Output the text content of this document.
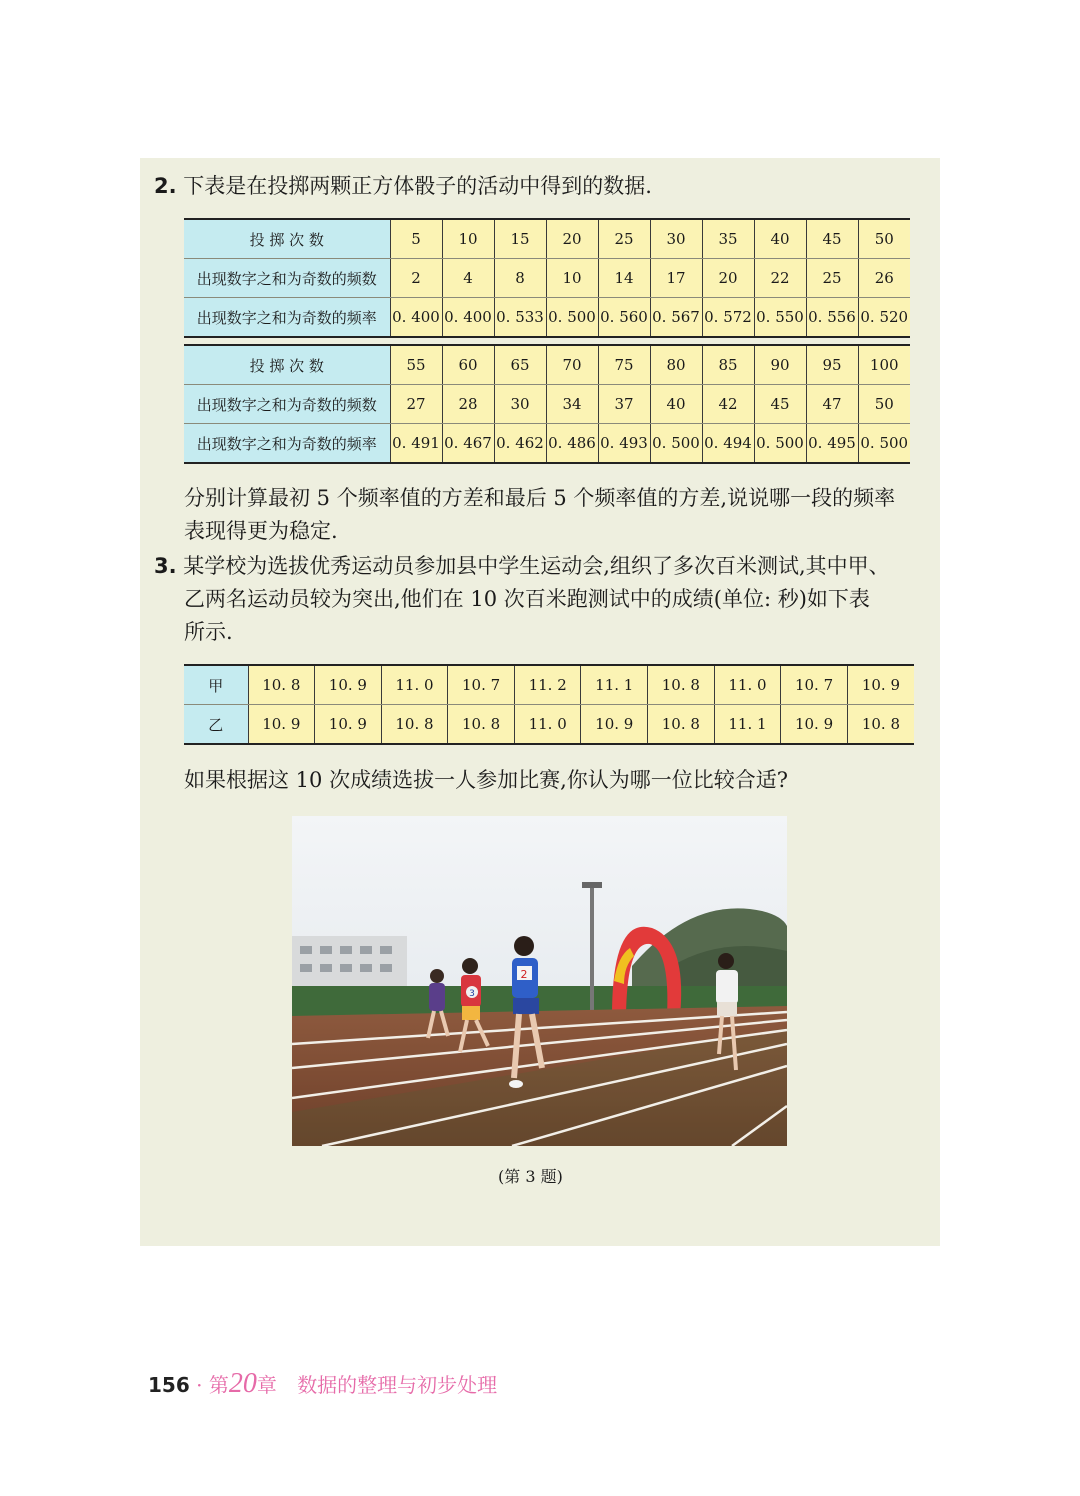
2. 下表是在投掷两颗正方体骰子的活动中得到的数据.
投 掷 次 数	5	10	15	20	25	30	35	40	45	50
出现数字之和为奇数的频数	2	4	8	10	14	17	20	22	25	26
出现数字之和为奇数的频率	0. 400	0. 400	0. 533	0. 500	0. 560	0. 567	0. 572	0. 550	0. 556	0. 520
投 掷 次 数	55	60	65	70	75	80	85	90	95	100
出现数字之和为奇数的频数	27	28	30	34	37	40	42	45	47	50
出现数字之和为奇数的频率	0. 491	0. 467	0. 462	0. 486	0. 493	0. 500	0. 494	0. 500	0. 495	0. 500
分别计算最初 5 个频率值的方差和最后 5 个频率值的方差,说说哪一段的频率
表现得更为稳定.
3. 某学校为选拔优秀运动员参加县中学生运动会,组织了多次百米测试,其中甲、
乙两名运动员较为突出,他们在 10 次百米跑测试中的成绩(单位: 秒)如下表
所示.
甲	10. 8	10. 9	11. 0	10. 7	11. 2	11. 1	10. 8	11. 0	10. 7	10. 9
乙	10. 9	10. 9	10. 8	10. 8	11. 0	10. 9	10. 8	11. 1	10. 9	10. 8
如果根据这 10 次成绩选拔一人参加比赛,你认为哪一位比较合适?
3
2
(第 3 题)
156 · 第20章 数据的整理与初步处理
